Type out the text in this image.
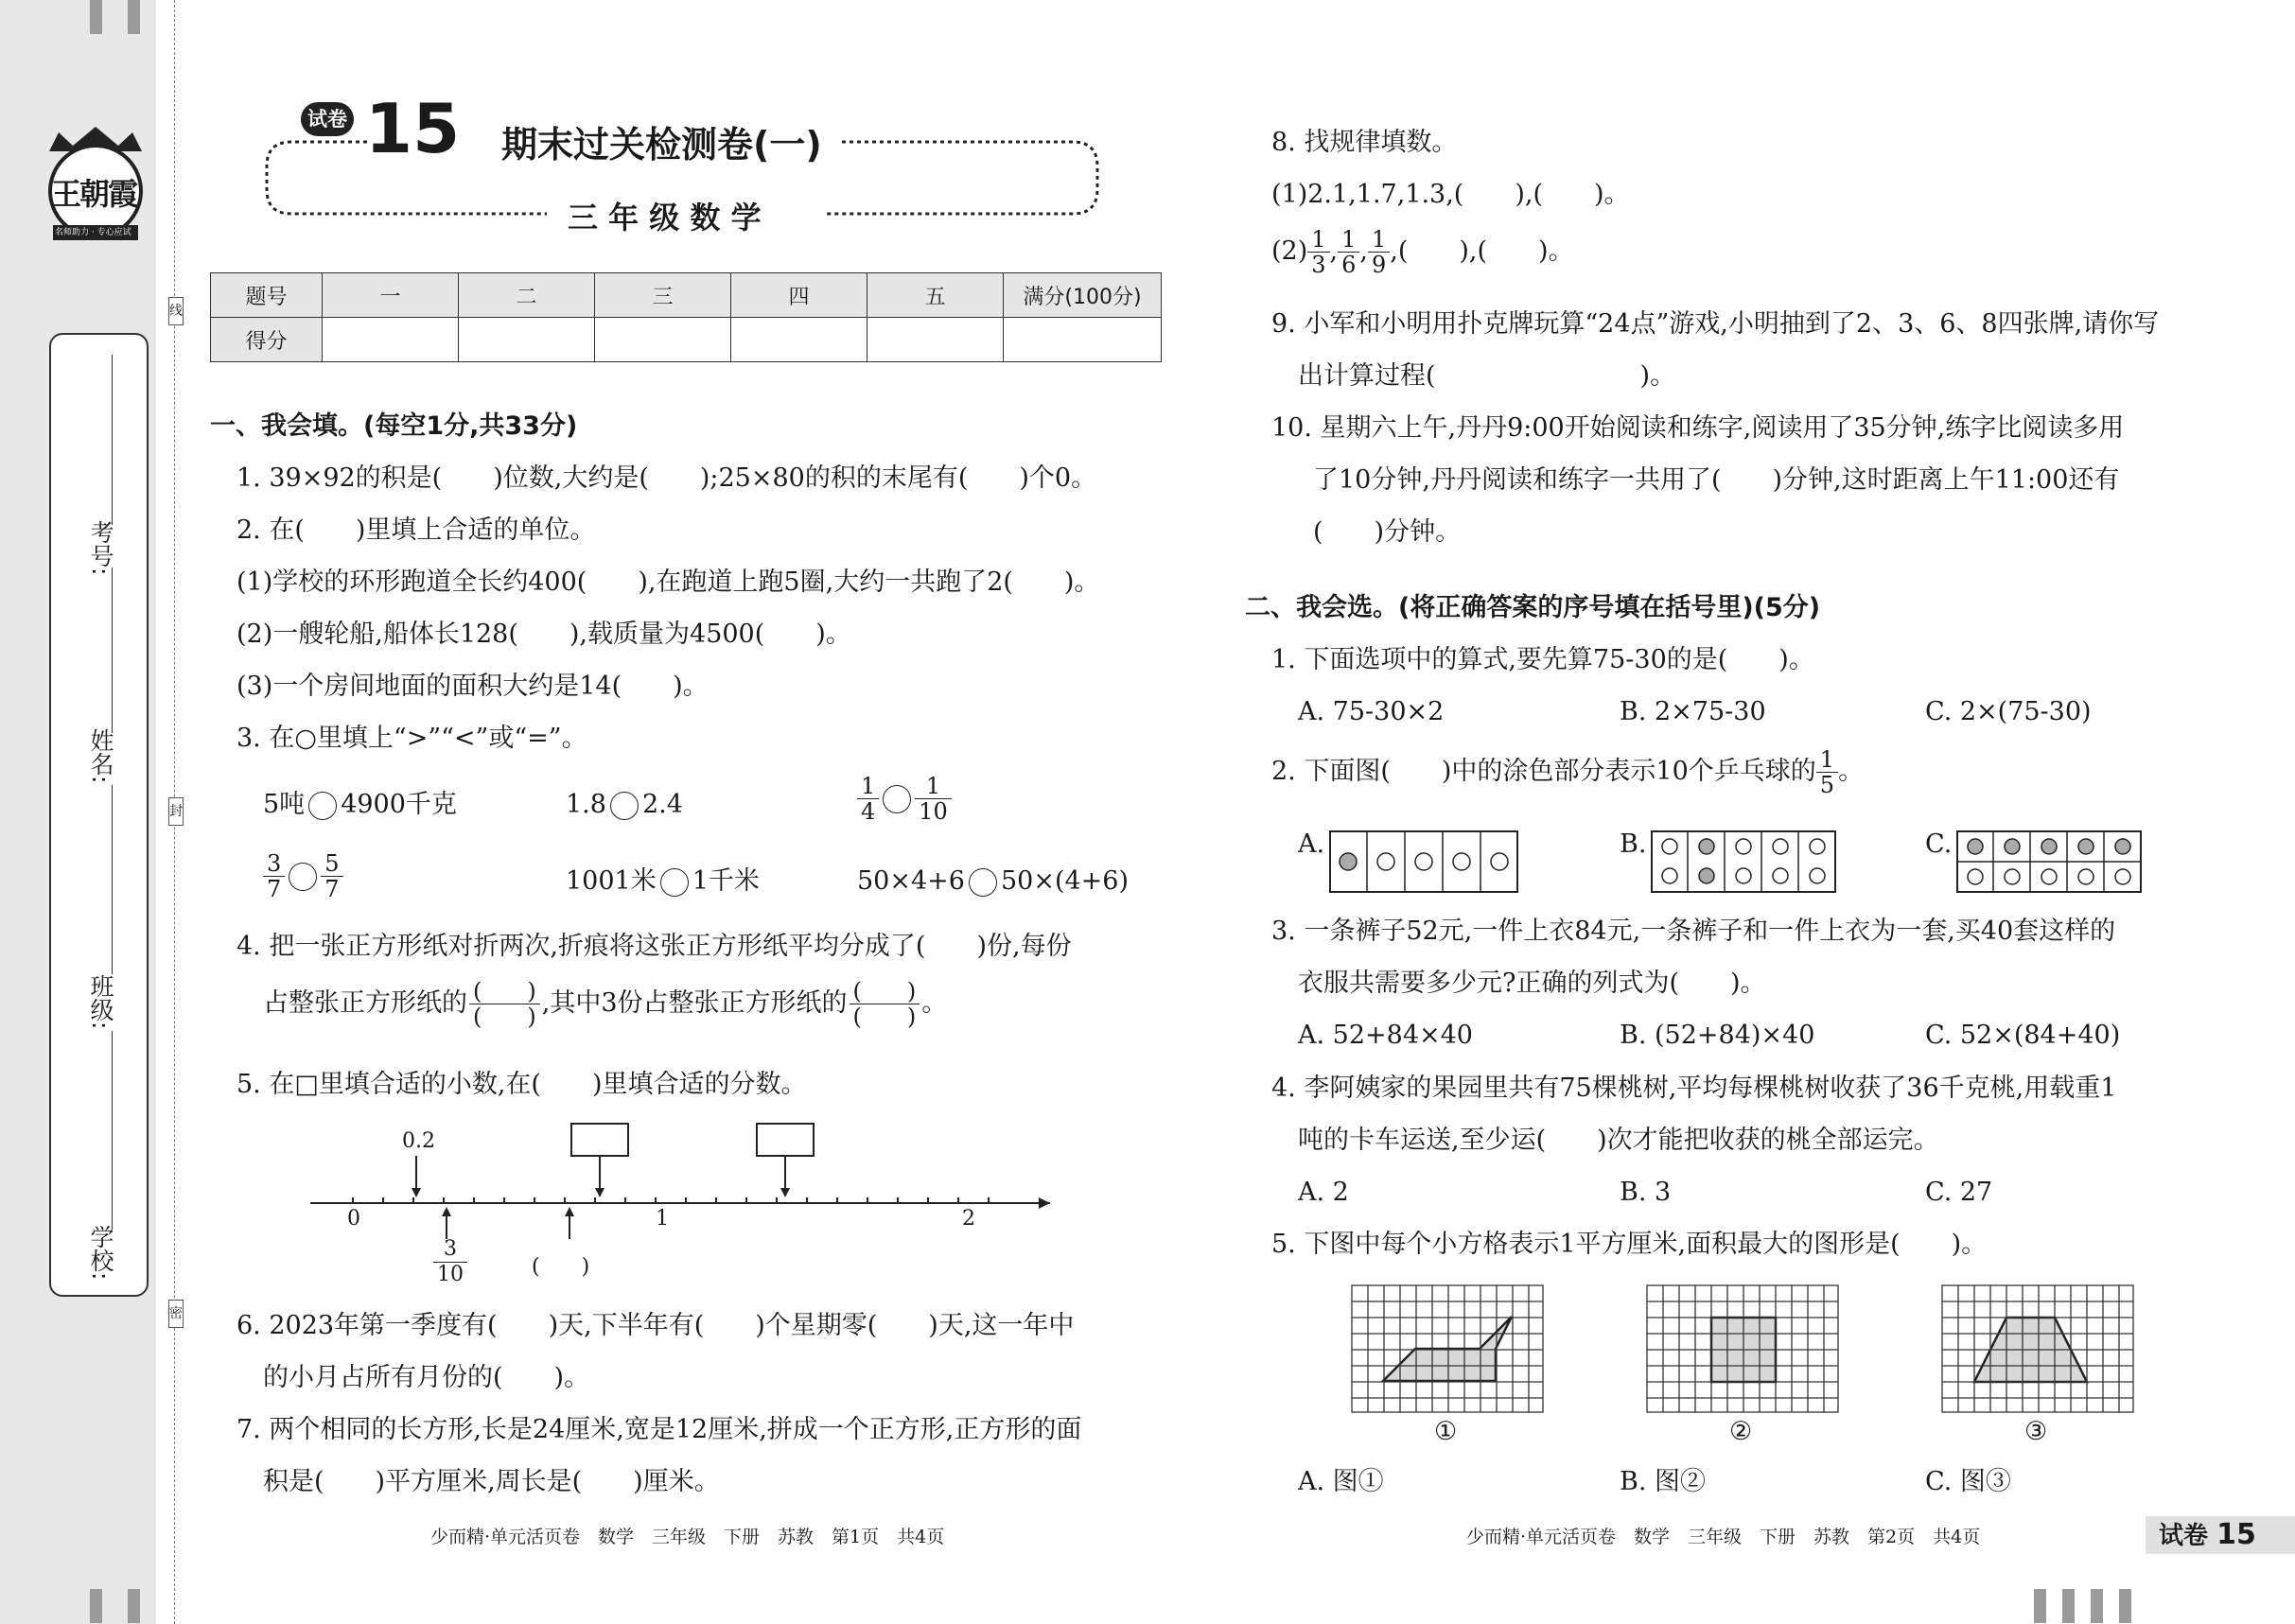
王朝霞
名师助力 · 专心应试
考号:
姓名:
班级:
学校:
线
封
密
试卷 15 期末过关检测卷(一)
三 年 级 数 学
题号	一	二	三	四	五	满分(100分)
得分						
一、我会填。(每空1分,共33分)
1. 39×92的积是(　　)位数,大约是(　　);25×80的积的末尾有(　　)个0。
2. 在(　　)里填上合适的单位。
(1)学校的环形跑道全长约400(　　),在跑道上跑5圈,大约一共跑了2(　　)。
(2)一艘轮船,船体长128(　　),载质量为4500(　　)。
(3)一个房间地面的面积大约是14(　　)。
3. 在○里填上“>”“<”或“=”。
5吨 4900千克	1.8 2.4	$\frac{1}{4} \frac{1}{10}$
$\frac{3}{7} \frac{5}{7}$	1001米 1千米	50×4+6 50×(4+6)
4. 把一张正方形纸对折两次,折痕将这张正方形纸平均分成了(　　)份,每份
占整张正方形纸的 $\frac{( )}{( )}$ ,其中3份占整张正方形纸的 $\frac{( )}{( )}$ 。
5. 在□里填合适的小数,在(　　)里填合适的分数。
0.2
0	1	2
$\frac{3}{10}$	(　　)
6. 2023年第一季度有(　　)天,下半年有(　　)个星期零(　　)天,这一年中
的小月占所有月份的(　　)。
7. 两个相同的长方形,长是24厘米,宽是12厘米,拼成一个正方形,正方形的面
积是(　　)平方厘米,周长是(　　)厘米。
少而精·单元活页卷　数学　三年级　下册　苏教　第1页　共4页
8. 找规律填数。
(1)2.1,1.7,1.3,(　　),(　　)。
$(2) \frac{1}{3}$ , $\frac{1}{6}$ , $\frac{1}{9}$ ,(　　),(　　)。
9. 小军和小明用扑克牌玩算“24点”游戏,小明抽到了2、3、6、8四张牌,请你写
出计算过程(　　　　　　　　)。
10. 星期六上午,丹丹9:00开始阅读和练字,阅读用了35分钟,练字比阅读多用
了10分钟,丹丹阅读和练字一共用了(　　)分钟,这时距离上午11:00还有
(　　)分钟。
二、我会选。(将正确答案的序号填在括号里)(5分)
1. 下面选项中的算式,要先算75-30的是(　　)。
A. 75-30×2	B. 2×75-30	C. 2×(75-30)
2. 下面图(　　)中的涂色部分表示10个乒乓球的 $\frac{1}{5}$ 。
A.	B.	C.
3. 一条裤子52元,一件上衣84元,一条裤子和一件上衣为一套,买40套这样的
衣服共需要多少元?正确的列式为(　　)。
A. 52+84×40	B. (52+84)×40	C. 52×(84+40)
4. 李阿姨家的果园里共有75棵桃树,平均每棵桃树收获了36千克桃,用载重1
吨的卡车运送,至少运(　　)次才能把收获的桃全部运完。
A. 2	B. 3	C. 27
5. 下图中每个小方格表示1平方厘米,面积最大的图形是(　　)。
①	②	③
A. 图①	B. 图②	C. 图③
少而精·单元活页卷　数学　三年级　下册　苏教　第2页　共4页	试卷 15
